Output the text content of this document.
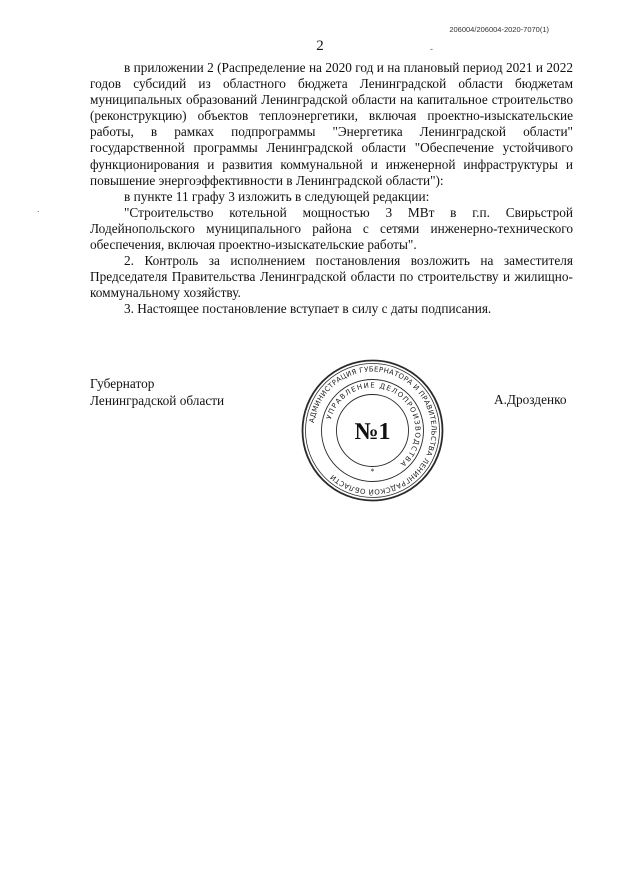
206004/206004-2020-7070(1)
2	-
.

в приложении 2 (Распределение на 2020 год и на плановый период 2021 и 2022 годов субсидий из областного бюджета Ленинградской области бюджетам муниципальных образований Ленинградской области на капитальное строительство (реконструкцию) объектов теплоэнергетики, включая проектно-изыскательские работы, в рамках подпрограммы "Энергетика Ленинградской области" государственной программы Ленинградской области "Обеспечение устойчивого функционирования и развития коммунальной и инженерной инфраструктуры и повышение энергоэффективности в Ленинградской области"):

в пункте 11 графу 3 изложить в следующей редакции:

"Строительство котельной мощностью 3 МВт в г.п. Свирьстрой Лодейнопольского муниципального района с сетями инженерно-технического обеспечения, включая проектно-изыскательские работы".

2. Контроль за исполнением постановления возложить на заместителя Председателя Правительства Ленинградской области по строительству и жилищно-коммунальному хозяйству.

3. Настоящее постановление вступает в силу с даты подписания.

Губернатор
Ленинградской области	А.Дрозденко
АДМИНИСТРАЦИЯ ГУБЕРНАТОРА И ПРАВИТЕЛЬСТВА ЛЕНИНГРАДСКОЙ ОБЛАСТИ
УПРАВЛЕНИЕ ДЕЛОПРОИЗВОДСТВА
№1
*
